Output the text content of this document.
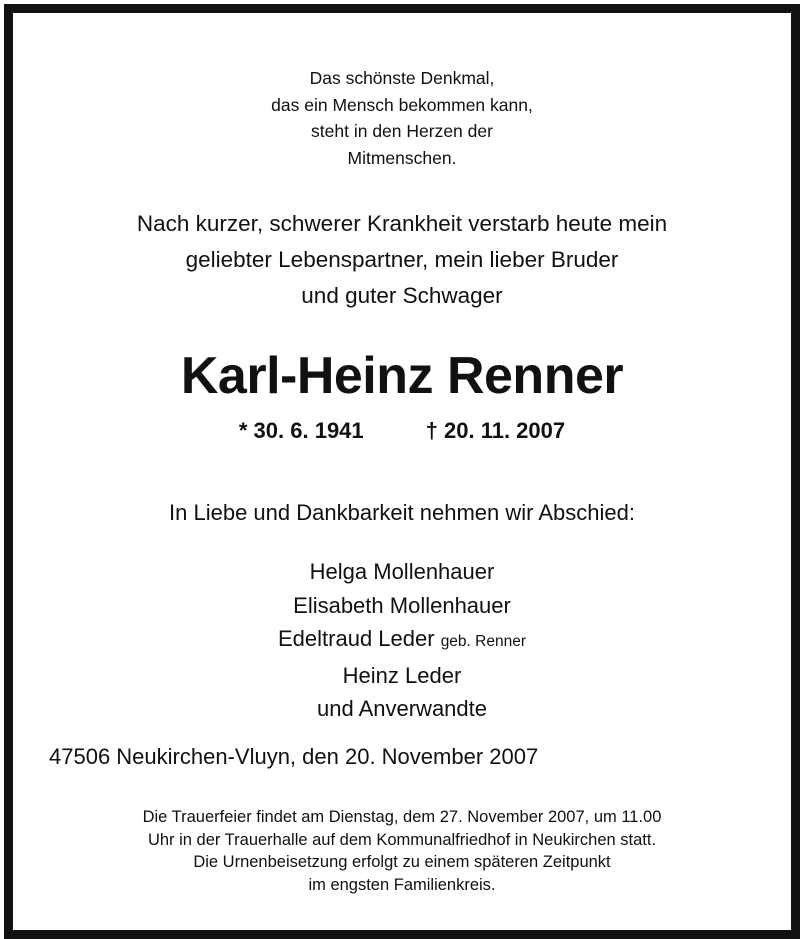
Das schönste Denkmal,
das ein Mensch bekommen kann,
steht in den Herzen der
Mitmenschen.
Nach kurzer, schwerer Krankheit verstarb heute mein
geliebter Lebenspartner, mein lieber Bruder
und guter Schwager
Karl-Heinz Renner
* 30. 6. 1941	† 20. 11. 2007
In Liebe und Dankbarkeit nehmen wir Abschied:
Helga Mollenhauer
Elisabeth Mollenhauer
Edeltraud Leder geb. Renner
Heinz Leder
und Anverwandte
47506 Neukirchen-Vluyn, den 20. November 2007
Die Trauerfeier findet am Dienstag, dem 27. November 2007, um 11.00
Uhr in der Trauerhalle auf dem Kommunalfriedhof in Neukirchen statt.
Die Urnenbeisetzung erfolgt zu einem späteren Zeitpunkt
im engsten Familienkreis.
